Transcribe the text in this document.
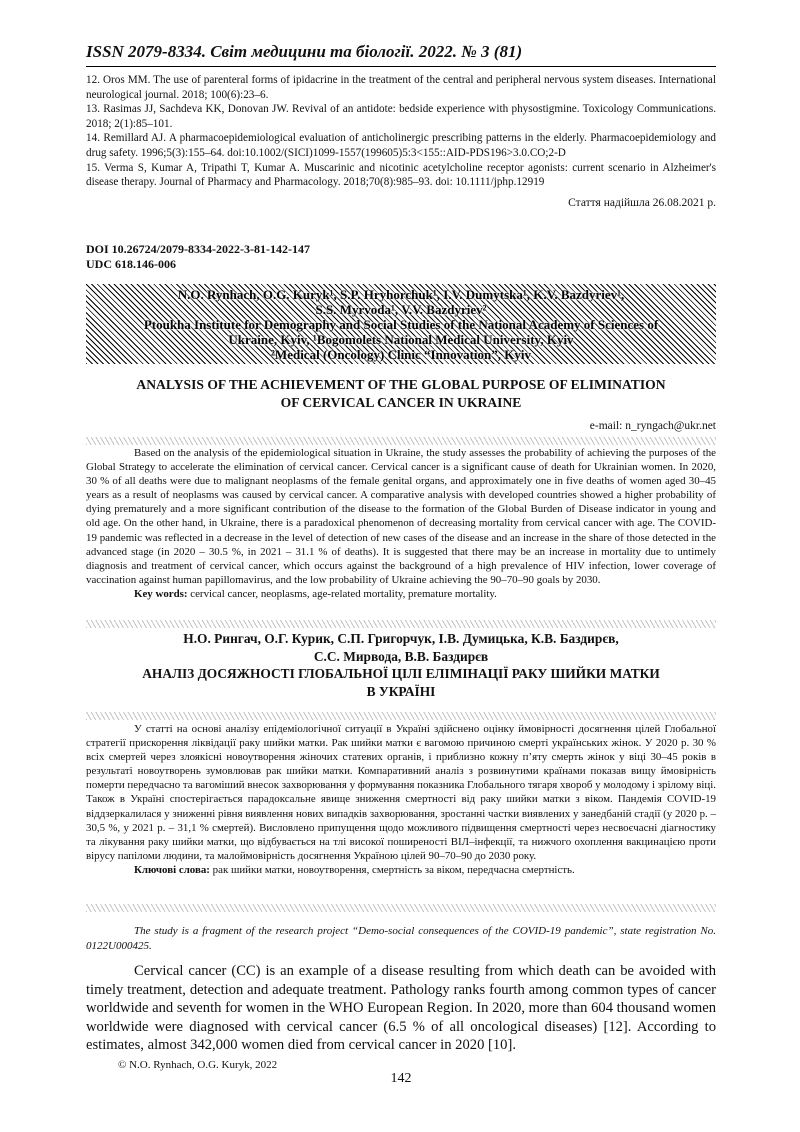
ISSN 2079-8334. Світ медицини та біології. 2022. № 3 (81)

12. Oros MM. The use of parenteral forms of ipidacrine in the treatment of the central and peripheral nervous system diseases. International neurological journal. 2018; 100(6):23–6.

13. Rasimas JJ, Sachdeva KK, Donovan JW. Revival of an antidote: bedside experience with physostigmine. Toxicology Communications. 2018; 2(1):85–101.

14. Remillard AJ. A pharmacoepidemiological evaluation of anticholinergic prescribing patterns in the elderly. Pharmacoepidemiology and drug safety. 1996;5(3):155–64. doi:10.1002/(SICI)1099-1557(199605)5:3<155::AID-PDS196>3.0.CO;2-D

15. Verma S, Kumar A, Tripathi T, Kumar A. Muscarinic and nicotinic acetylcholine receptor agonists: current scenario in Alzheimer's disease therapy. Journal of Pharmacy and Pharmacology. 2018;70(8):985–93. doi: 10.1111/jphp.12919

Стаття надійшла 26.08.2021 р.
DOI 10.26724/2079-8334-2022-3-81-142-147
UDC 618.146-006
N.O. Rynhach, O.G. Kuryk¹, S.P. Hryhorchuk¹, I.V. Dumytska¹, K.V. Bazdyriev¹,
S.S. Myrvoda¹, V.V. Bazdyriev²
Ptoukha Institute for Demography and Social Studies of the National Academy of Sciences of
Ukraine, Kyiv, ¹Bogomolets National Medical University, Kyiv
²Medical (Oncology) Clinic “Innovation”, Kyiv
ANALYSIS OF THE ACHIEVEMENT OF THE GLOBAL PURPOSE OF ELIMINATION
OF CERVICAL CANCER IN UKRAINE
e-mail: n_ryngach@ukr.net

Based on the analysis of the epidemiological situation in Ukraine, the study assesses the probability of achieving the purposes of the Global Strategy to accelerate the elimination of cervical cancer. Cervical cancer is a significant cause of death for Ukrainian women. In 2020, 30 % of all deaths were due to malignant neoplasms of the female genital organs, and approximately one in five deaths of women aged 30–45 years as a result of neoplasms was caused by cervical cancer. A comparative analysis with developed countries showed a higher probability of dying prematurely and a more significant contribution of the disease to the formation of the Global Burden of Disease indicator in young and old age. On the other hand, in Ukraine, there is a paradoxical phenomenon of decreasing mortality from cervical cancer with age. The COVID-19 pandemic was reflected in a decrease in the level of detection of new cases of the disease and an increase in the share of those detected in the advanced stage (in 2020 – 30.5 %, in 2021 – 31.1 % of deaths). It is suggested that there may be an increase in mortality due to untimely diagnosis and treatment of cervical cancer, which occurs against the background of a high prevalence of HIV infection, lower coverage of vaccination against human papillomavirus, and the low probability of Ukraine achieving the 90–70–90 goals by 2030.

Key words: cervical cancer, neoplasms, age-related mortality, premature mortality.
Н.О. Рингач, О.Г. Курик, С.П. Григорчук, І.В. Думицька, К.В. Баздирєв,
С.С. Мирвода, В.В. Баздирєв
АНАЛІЗ ДОСЯЖНОСТІ ГЛОБАЛЬНОЇ ЦІЛІ ЕЛІМІНАЦІЇ РАКУ ШИЙКИ МАТКИ
В УКРАЇНІ

У статті на основі аналізу епідеміологічної ситуації в Україні здійснено оцінку ймовірності досягнення цілей Глобальної стратегії прискорення ліквідації раку шийки матки. Рак шийки матки є вагомою причиною смерті українських жінок. У 2020 р. 30 % всіх смертей через злоякісні новоутворення жіночих статевих органів, і приблизно кожну п’яту смерть жінок у віці 30–45 років в результаті новоутворень зумовлював рак шийки матки. Компаративний аналіз з розвинутими країнами показав вищу ймовірність померти передчасно та вагоміший внесок захворювання у формування показника Глобального тягаря хвороб у молодому і зрілому віці. Також в Україні спостерігається парадоксальне явище зниження смертності від раку шийки матки з віком. Пандемія COVID-19 віддзеркалилася у зниженні рівня виявлення нових випадків захворювання, зростанні частки виявлених у занедбаній стадії (у 2020 р. – 30,5 %, у 2021 р. – 31,1 % смертей). Висловлено припущення щодо можливого підвищення смертності через несвоєчасні діагностику та лікування раку шийки матки, що відбувається на тлі високої поширеності ВІЛ–інфекції, та нижчого охоплення вакцинацією проти вірусу папіломи людини, та малоймовірність досягнення Україною цілей 90–70–90 до 2030 року.

Ключові слова: рак шийки матки, новоутворення, смертність за віком, передчасна смертність.

The study is a fragment of the research project “Demo-social consequences of the COVID-19 pandemic”, state registration No. 0122U000425.

Cervical cancer (CC) is an example of a disease resulting from which death can be avoided with timely treatment, detection and adequate treatment. Pathology ranks fourth among common types of cancer worldwide and seventh for women in the WHO European Region. In 2020, more than 604 thousand women worldwide were diagnosed with cervical cancer (6.5 % of all oncological diseases) [12]. According to estimates, almost 342,000 women died from cervical cancer in 2020 [10].

© N.O. Rynhach, O.G. Kuryk, 2022
142
